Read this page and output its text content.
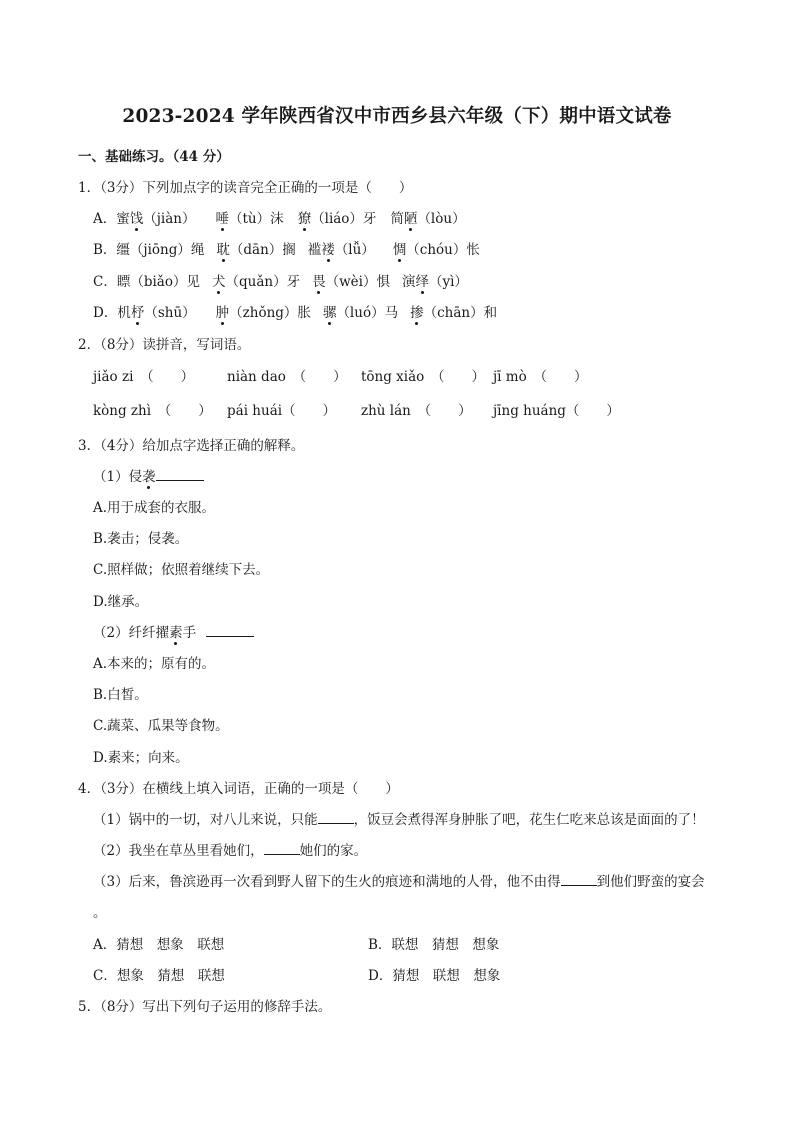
2023-2024 学年陕西省汉中市西乡县六年级（下）期中语文试卷
一、基础练习。（44 分）
1．（3分）下列加点字的读音完全正确的一项是（　　）
A．蜜饯（jiàn） 唾（tù）沫 獠（liáo）牙 简陋（lòu）
B．缰（jiōng）绳 耽（dān）搁 褴褛（lǚ） 惆（chóu）怅
C．瞟（biǎo）见 犬（quǎn）牙 畏（wèi）惧 演绎（yì）
D．机杼（shū） 肿（zhǒng）胀 骡（luó）马 掺（chān）和
2．（8分）读拼音，写词语。
jiǎo zi　（　　） niàn dao　（　　） tōng xiǎo　（　　） jī mò　（　　）
kòng zhì　（　　） pái huái（　　） zhù lán　（　　） jīng huáng（　　）
3．（4分）给加点字选择正确的解释。
（1）侵袭
A.用于成套的衣服。
B.袭击；侵袭。
C.照样做；依照着继续下去。
D.继承。
（2）纤纤擢素手
A.本来的；原有的。
B.白皙。
C.蔬菜、瓜果等食物。
D.素来；向来。
4．（3分）在横线上填入词语，正确的一项是（　　）
（1）锅中的一切，对八儿来说，只能	，饭豆会煮得浑身肿胀了吧，花生仁吃来总该是面面的了！
（2）我坐在草丛里看她们，	她们的家。
（3）后来，鲁滨逊再一次看到野人留下的生火的痕迹和满地的人骨，他不由得	到他们野蛮的宴会
。
A．猜想　想象　联想	B．联想　猜想　想象
C．想象　猜想　联想	D．猜想　联想　想象
5．（8分）写出下列句子运用的修辞手法。
